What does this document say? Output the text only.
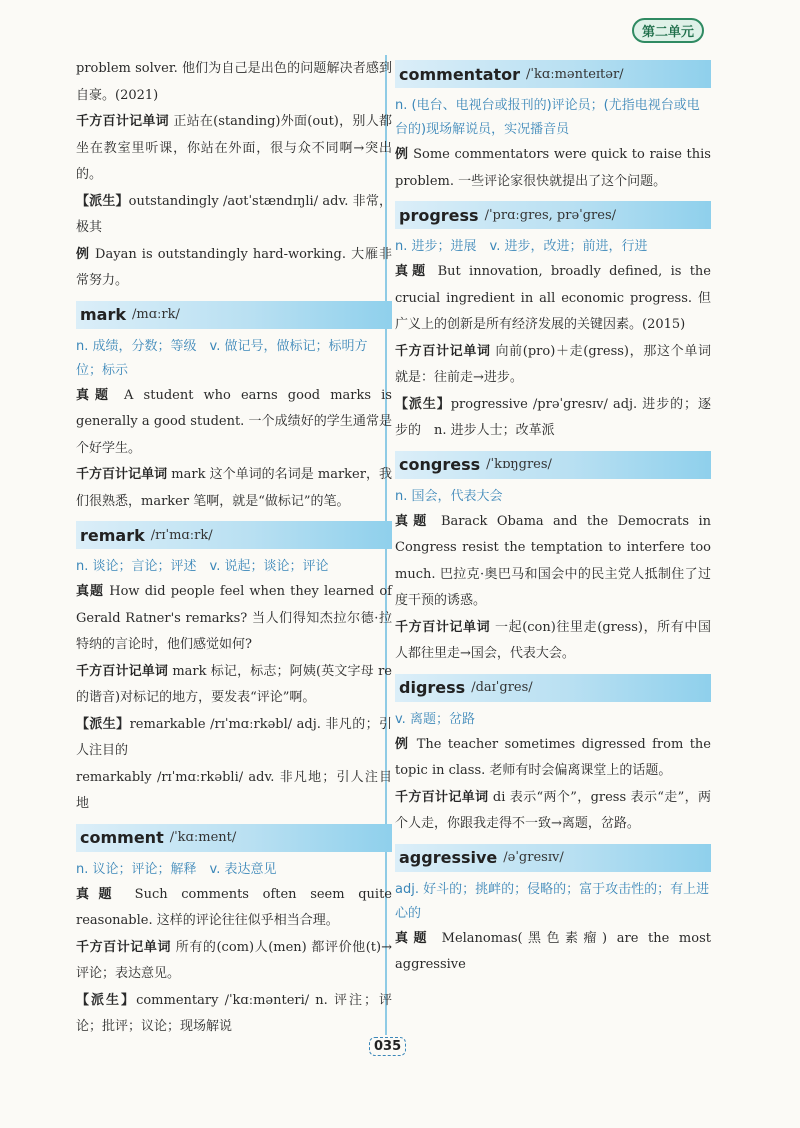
第二单元

problem solver. 他们为自己是出色的问题解决者感到自豪。(2021)

千方百计记单词 正站在(standing)外面(out)，别人都坐在教室里听课，你站在外面，很与众不同啊→突出的。

【派生】outstandingly /aʊtˈstændɪŋli/ adv. 非常，极其

例 Dayan is outstandingly hard-working. 大雁非常努力。

mark /mɑːrk/

n. 成绩，分数；等级　v. 做记号，做标记；标明方位；标示

真题 A student who earns good marks is generally a good student. 一个成绩好的学生通常是个好学生。

千方百计记单词 mark 这个单词的名词是 marker，我们很熟悉，marker 笔啊，就是“做标记”的笔。

remark /rɪˈmɑːrk/

n. 谈论；言论；评述　v. 说起；谈论；评论

真题 How did people feel when they learned of Gerald Ratner's remarks? 当人们得知杰拉尔德·拉特纳的言论时，他们感觉如何?

千方百计记单词 mark 标记，标志；阿姨(英文字母 re 的谐音)对标记的地方，要发表“评论”啊。

【派生】remarkable /rɪˈmɑːrkəbl/ adj. 非凡的；引人注目的

remarkably /rɪˈmɑːrkəbli/ adv. 非凡地；引人注目地

comment /ˈkɑːment/

n. 议论；评论；解释　v. 表达意见

真题 Such comments often seem quite reasonable. 这样的评论往往似乎相当合理。

千方百计记单词 所有的(com)人(men) 都评价他(t)→评论；表达意见。

【派生】commentary /ˈkɑːmənteri/ n. 评注；评论；批评；议论；现场解说

commentator /ˈkɑːmənteɪtər/

n. (电台、电视台或报刊的)评论员；(尤指电视台或电台的)现场解说员，实况播音员

例 Some commentators were quick to raise this problem. 一些评论家很快就提出了这个问题。

progress /ˈprɑːgres, prəˈgres/

n. 进步；进展　v. 进步，改进；前进，行进

真题 But innovation, broadly defined, is the crucial ingredient in all economic progress. 但广义上的创新是所有经济发展的关键因素。(2015)

千方百计记单词 向前(pro)＋走(gress)，那这个单词就是：往前走→进步。

【派生】progressive /prəˈgresɪv/ adj. 进步的；逐步的　n. 进步人士；改革派

congress /ˈkɒŋgres/

n. 国会，代表大会

真题 Barack Obama and the Democrats in Congress resist the temptation to interfere too much. 巴拉克·奥巴马和国会中的民主党人抵制住了过度干预的诱惑。

千方百计记单词 一起(con)往里走(gress)，所有中国人都往里走→国会，代表大会。

digress /daɪˈgres/

v. 离题；岔路

例 The teacher sometimes digressed from the topic in class. 老师有时会偏离课堂上的话题。

千方百计记单词 di 表示“两个”，gress 表示“走”，两个人走，你跟我走得不一致→离题，岔路。

aggressive /əˈgresɪv/

adj. 好斗的；挑衅的；侵略的；富于攻击性的；有上进心的

真题 Melanomas(黑色素瘤) are the most aggressive

035
